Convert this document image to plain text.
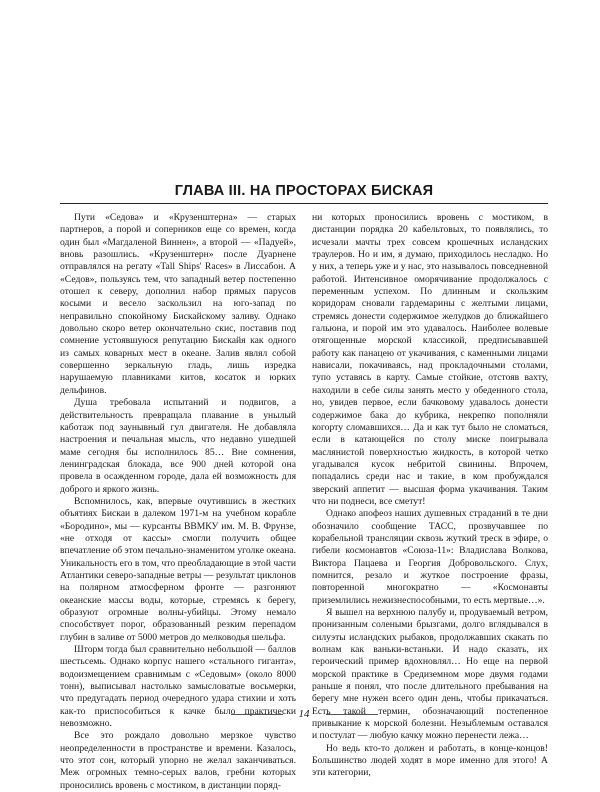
ГЛАВА III. НА ПРОСТОРАХ БИСКАЯ

Пути «Седова» и «Крузенштерна» — старых партнеров, а порой и соперников еще со времен, когда один был «Магдаленой Виннен», а второй — «Падуей», вновь разошлись. «Крузенштерн» после Дуарнене отправлялся на регату «Tall Ships' Races» в Лиссабон. А «Седов», пользуясь тем, что западный ветер постепенно отошел к северу, дополнил набор прямых парусов косыми и весело заскользил на юго-запад по неправильно спокойному Бискайскому заливу. Однако довольно скоро ветер окончательно скис, поставив под сомнение устоявшуюся репутацию Бискайя как одного из самых коварных мест в океане. Залив являл собой совершенно зеркальную гладь, лишь изредка нарушаемую плавниками китов, косаток и юрких дельфинов.

Душа требовала испытаний и подвигов, а действительность превращала плавание в унылый каботаж под заунывный гул двигателя. Не добавляла настроения и печальная мысль, что недавно ушедшей маме сегодня бы исполнилось 85… Вне сомнения, ленинградская блокада, все 900 дней которой она провела в осажденном городе, дала ей возможность для доброго и яркого жизнь.

Вспомнилось, как, впервые очутившись в жестких объятиях Бискаи в далеком 1971-м на учебном корабле «Бородино», мы — курсанты ВВМКУ им. М. В. Фрунзе, «не отходя от кассы» смогли получить общее впечатление об этом печально-знаменитом уголке океана. Уникальность его в том, что преобладающие в этой части Атлантики северо-западные ветры — результат циклонов на полярном атмосферном фронте — разгоняют океанские массы воды, которые, стремясь к берегу, образуют огромные волны-убийцы. Этому немало способствует порог, образованный резким перепадом глубин в заливе от 5000 метров до мелководья шельфа.

Шторм тогда был сравнительно небольшой — баллов шестьсемь. Однако корпус нашего «стального гиганта», водоизмещением сравнимым с «Седовым» (около 8000 тонн), выписывал настолько замысловатые восьмерки, что предугадать период очередного удара стихии и хоть как-то приспособиться к качке было практически невозможно.

Все это рождало довольно мерзкое чувство неопределенности в пространстве и времени. Казалось, что этот сон, который упорно не желал заканчиваться. Меж огромных темно-серых валов, гребни которых проносились вровень с мостиком, в дистанции поряд-

ни которых проносились вровень с мостиком, в дистанции порядка 20 кабельтовых, то появлялись, то исчезали мачты трех совсем крошечных исландских траулеров. Но и им, я думаю, приходилось несладко. Но у них, а теперь уже и у нас, это называлось повседневной работой. Интенсивное оморячивание продолжалось с переменным успехом. По длинным и скользким коридорам сновали гардемарины с желтыми лицами, стремясь донести содержимое желудков до ближайшего гальюна, и порой им это удавалось. Наиболее волевые отягощенные морской классикой, предписывавшей работу как панацею от укачивания, с каменными лицами нависали, покачиваясь, над прокладочными столами, тупо уставясь в карту. Самые стойкие, отстояв вахту, находили в себе силы занять место у обеденного стола, но, увидев первое, если бачковому удавалось донести содержимое бака до кубрика, некрепко пополняли когорту сломавшихся… Да и как тут было не сломаться, если в катающейся по столу миске поигрывала маслянистой поверхностью жидкость, в которой четко угадывался кусок небритой свинины. Впрочем, попадались среди нас и такие, в ком пробуждался зверский аппетит — высшая форма укачивания. Таким что ни поднеси, все сметут!

Однако апофеоз наших душевных страданий в те дни обозначило сообщение ТАСС, прозвучавшее по корабельной трансляции сквозь жуткий треск в эфире, о гибели космонавтов «Союза-11»: Владислава Волкова, Виктора Пацаева и Георгия Добровольского. Слух, помнится, резало и жуткое построение фразы, повторенной многократно — «Космонавты приземлились нежизнеспособными, то есть мертвые…».

Я вышел на верхнюю палубу и, продуваемый ветром, пронизанным солеными брызгами, долго вглядывался в силуэты исландских рыбаков, продолжавших скакать по волнам как ваньки-встаньки. И надо сказать, их героический пример вдохновлял… Но еще на первой морской практике в Средиземном море двумя годами раньше я понял, что после длительного пребывания на берегу мне нужен всего один день, чтобы прикачаться. Есть такой термин, обозначающий постепенное привыкание к морской болезни. Незыблемым оставался и постулат — любую качку можно перенести лежа…

Но ведь кто-то должен и работать, в конце-концов! Большинство людей ходят в море именно для этого! А эти категории,

14
